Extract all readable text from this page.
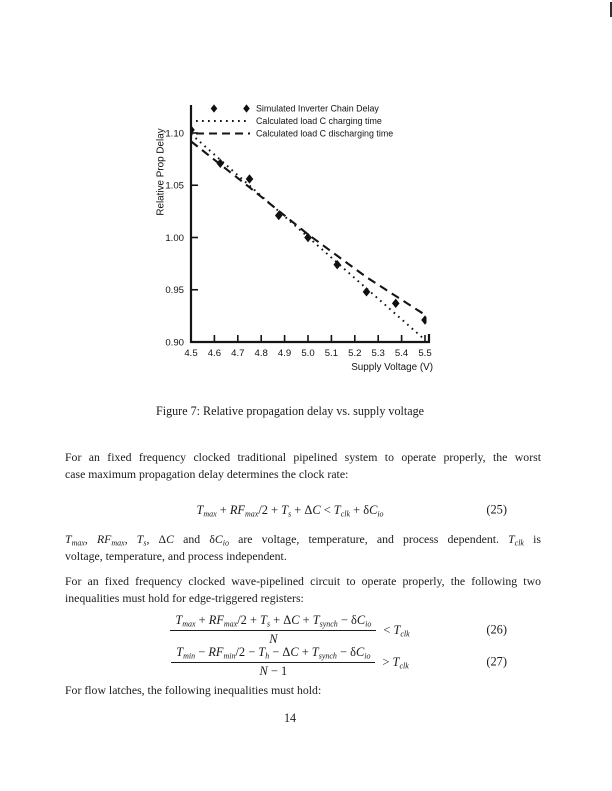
0.90
0.95
1.00
1.05
1.10
4.5 4.6 4.7 4.8 4.9 5.0 5.1 5.2 5.3 5.4 5.5
Supply Voltage (V)
Relative Prop Delay
Simulated Inverter Chain Delay
Calculated load C charging time
Calculated load C discharging time
Figure 7: Relative propagation delay vs. supply voltage
For an fixed frequency clocked traditional pipelined system to operate properly, the worst
case maximum propagation delay determines the clock rate:
$T_{max} + RF_{max}/2 + T_s + \Delta C < T_{clk} + \delta C_{io}$	(25)
$T_{max}$, $RF_{max}$, $T_s$, ΔC and $\delta C_{io}$ are voltage, temperature, and process dependent. $T_{clk}$ is
voltage, temperature, and process independent.
For an fixed frequency clocked wave-pipelined circuit to operate properly, the following two
inequalities must hold for edge-triggered registers:
$\frac{T_{max} + RF_{max}/2 + T_s + \Delta C + T_{synch} - \delta C_{io}}{N} < T_{clk}$	(26)
$\frac{T_{min} - RF_{min}/2 - T_h - \Delta C + T_{synch} - \delta C_{io}}{N - 1} > T_{clk}$	(27)
For flow latches, the following inequalities must hold:
14
